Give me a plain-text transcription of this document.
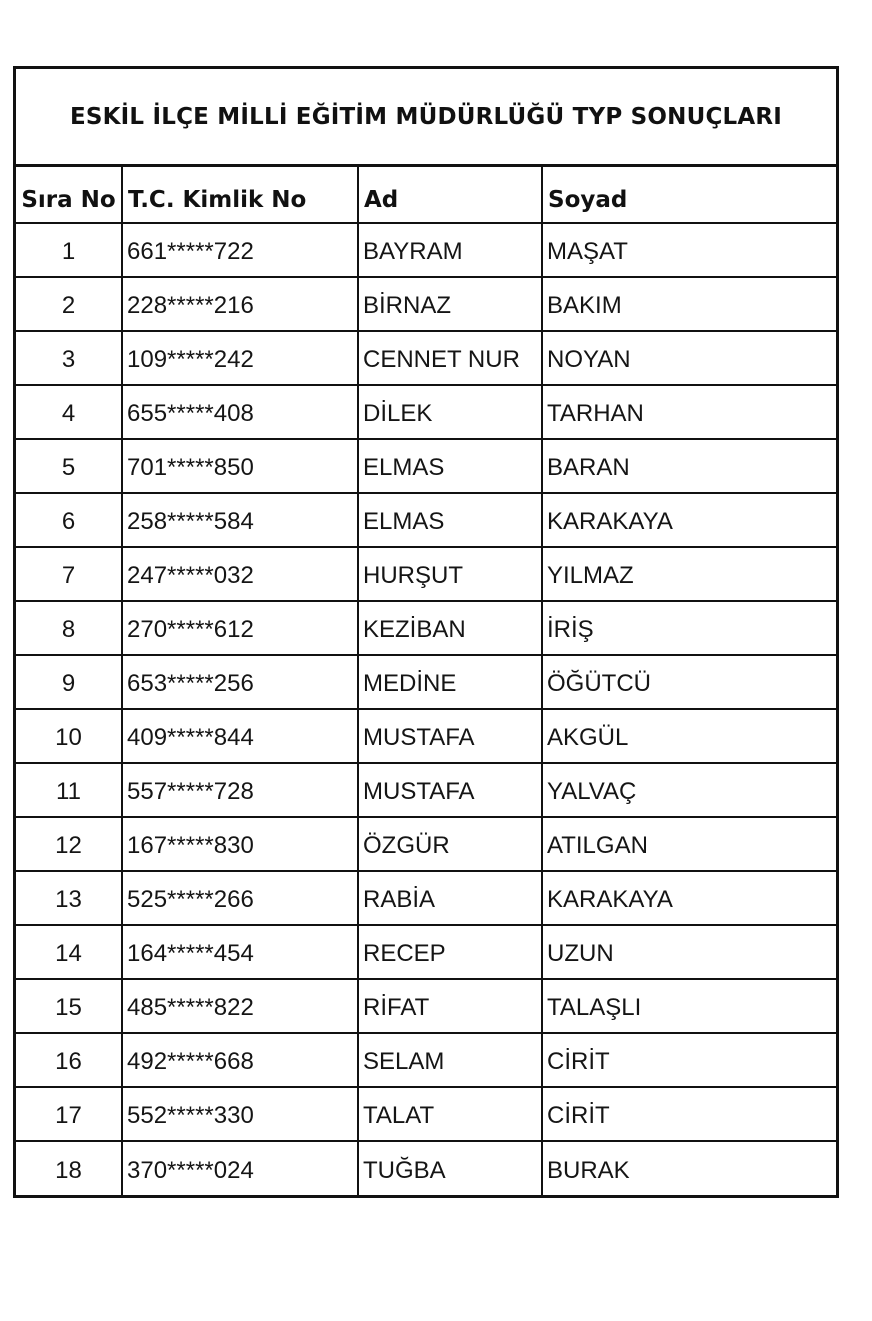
ESKİL İLÇE MİLLİ EĞİTİM MÜDÜRLÜĞÜ TYP SONUÇLARI
Sıra No	T.C. Kimlik No	Ad	Soyad
1	661*****722	BAYRAM	MAŞAT
2	228*****216	BİRNAZ	BAKIM
3	109*****242	CENNET NUR	NOYAN
4	655*****408	DİLEK	TARHAN
5	701*****850	ELMAS	BARAN
6	258*****584	ELMAS	KARAKAYA
7	247*****032	HURŞUT	YILMAZ
8	270*****612	KEZİBAN	İRİŞ
9	653*****256	MEDİNE	ÖĞÜTCÜ
10	409*****844	MUSTAFA	AKGÜL
11	557*****728	MUSTAFA	YALVAÇ
12	167*****830	ÖZGÜR	ATILGAN
13	525*****266	RABİA	KARAKAYA
14	164*****454	RECEP	UZUN
15	485*****822	RİFAT	TALAŞLI
16	492*****668	SELAM	CİRİT
17	552*****330	TALAT	CİRİT
18	370*****024	TUĞBA	BURAK
